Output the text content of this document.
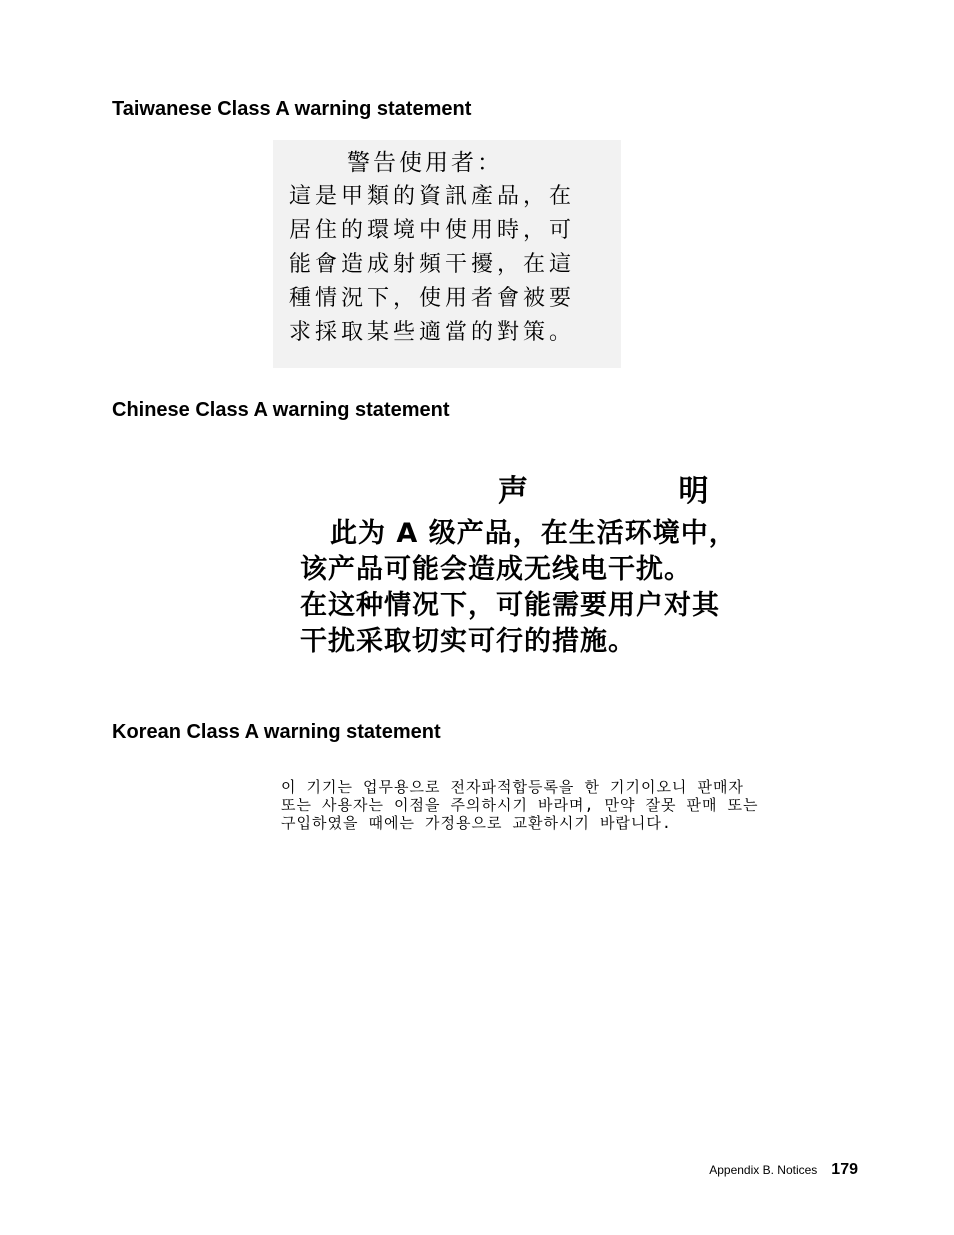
Taiwanese Class A warning statement
警告使用者：
這是甲類的資訊產品，在
居住的環境中使用時，可
能會造成射頻干擾，在這
種情況下，使用者會被要
求採取某些適當的對策。
Chinese Class A warning statement
声 明
此为 A 级产品，在生活环境中，
该产品可能会造成无线电干扰。
在这种情况下，可能需要用户对其
干扰采取切实可行的措施。
Korean Class A warning statement
이 기기는 업무용으로 전자파적합등록을 한 기기이오니 판매자
또는 사용자는 이점을 주의하시기 바라며, 만약 잘못 판매 또는
구입하였을 때에는 가정용으로 교환하시기 바랍니다.
Appendix B. Notices 179
